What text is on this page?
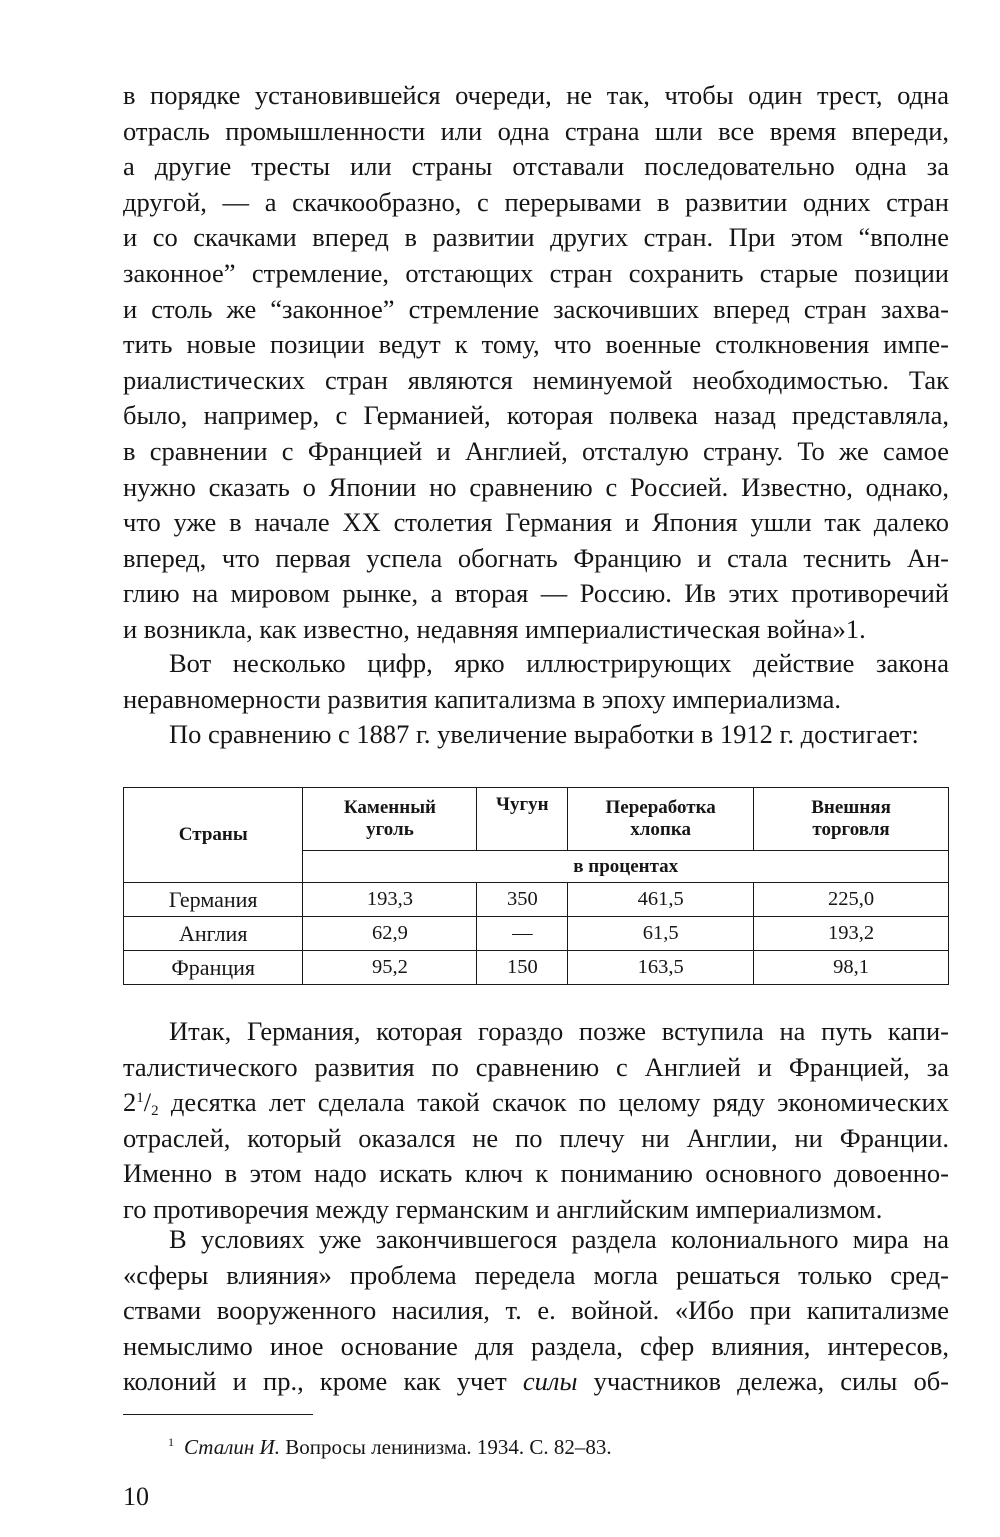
в порядке установившейся очереди, не так, чтобы один трест, одна
отрасль промышленности или одна страна шли все время впереди,
а другие тресты или страны отставали последовательно одна за
другой, — а скачкообразно, с перерывами в развитии одних стран
и со скачками вперед в развитии других стран. При этом “вполне
законное” стремление, отстающих стран сохранить старые позиции
и столь же “законное” стремление заскочивших вперед стран захва-
тить новые позиции ведут к тому, что военные столкновения импе-
риалистических стран являются неминуемой необходимостью. Так
было, например, с Германией, которая полвека назад представляла,
в сравнении с Францией и Англией, отсталую страну. То же самое
нужно сказать о Японии но сравнению с Россией. Известно, однако,
что уже в начале XX столетия Германия и Япония ушли так далеко
вперед, что первая успела обогнать Францию и стала теснить Ан-
глию на мировом рынке, а вторая — Россию. Ив этих противоречий
и возникла, как известно, недавняя империалистическая война»1.

Вот несколько цифр, ярко иллюстрирующих действие закона
неравномерности развития капитализма в эпоху империализма.

По сравнению с 1887 г. увеличение выработки в 1912 г. достигает:

Страны	Каменный уголь	Чугун	Переработка хлопка	Внешняя торговля
	в процентах			
Германия	193,3	350	461,5	225,0
Англия	62,9	—	61,5	193,2
Франция	95,2	150	163,5	98,1

Итак, Германия, которая гораздо позже вступила на путь капи-
талистического развития по сравнению с Англией и Францией, за
$2^1/_2$ десятка лет сделала такой скачок по целому ряду экономических
отраслей, который оказался не по плечу ни Англии, ни Франции.
Именно в этом надо искать ключ к пониманию основного довоенно-
го противоречия между германским и английским империализмом.

В условиях уже закончившегося раздела колониального мира на
«сферы влияния» проблема передела могла решаться только сред-
ствами вооруженного насилия, т. е. войной. «Ибо при капитализме
немыслимо иное основание для раздела, сфер влияния, интересов,
колоний и пр., кроме как учет силы участников дележа, силы об-

$^1$ Сталин И. Вопросы ленинизма. 1934. С. 82–83.
10
